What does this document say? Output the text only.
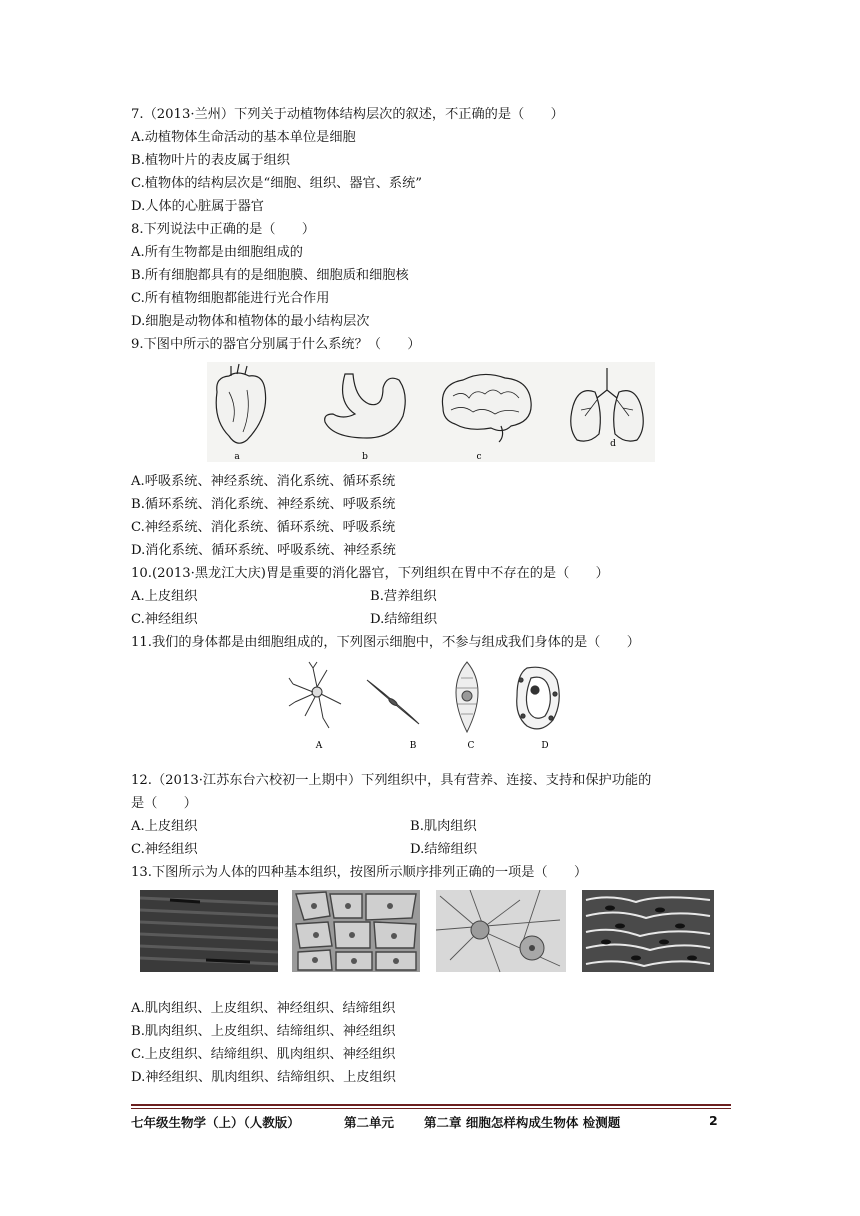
7.（2013·兰州）下列关于动植物体结构层次的叙述，不正确的是（　　）
A.动植物体生命活动的基本单位是细胞
B.植物叶片的表皮属于组织
C.植物体的结构层次是“细胞、组织、器官、系统”
D.人体的心脏属于器官
8.下列说法中正确的是（　　）
A.所有生物都是由细胞组成的
B.所有细胞都具有的是细胞膜、细胞质和细胞核
C.所有植物细胞都能进行光合作用
D.细胞是动物体和植物体的最小结构层次
9.下图中所示的器官分别属于什么系统？（　　）
a	b	c
d
A.呼吸系统、神经系统、消化系统、循环系统
B.循环系统、消化系统、神经系统、呼吸系统
C.神经系统、消化系统、循环系统、呼吸系统
D.消化系统、循环系统、呼吸系统、神经系统
10.(2013·黑龙江大庆)胃是重要的消化器官，下列组织在胃中不存在的是（　　）
A.上皮组织	B.营养组织
C.神经组织	D.结缔组织
11.我们的身体都是由细胞组成的，下列图示细胞中，不参与组成我们身体的是（　　）
A	B	C	D
12.（2013·江苏东台六校初一上期中）下列组织中，具有营养、连接、支持和保护功能的
是（　　）
A.上皮组织	B.肌肉组织
C.神经组织	D.结缔组织
13.下图所示为人体的四种基本组织，按图所示顺序排列正确的一项是（　　）
A.肌肉组织、上皮组织、神经组织、结缔组织
B.肌肉组织、上皮组织、结缔组织、神经组织
C.上皮组织、结缔组织、肌肉组织、神经组织
D.神经组织、肌肉组织、结缔组织、上皮组织
七年级生物学（上）（人教版）	第二单元 第二章 细胞怎样构成生物体 检测题	2
